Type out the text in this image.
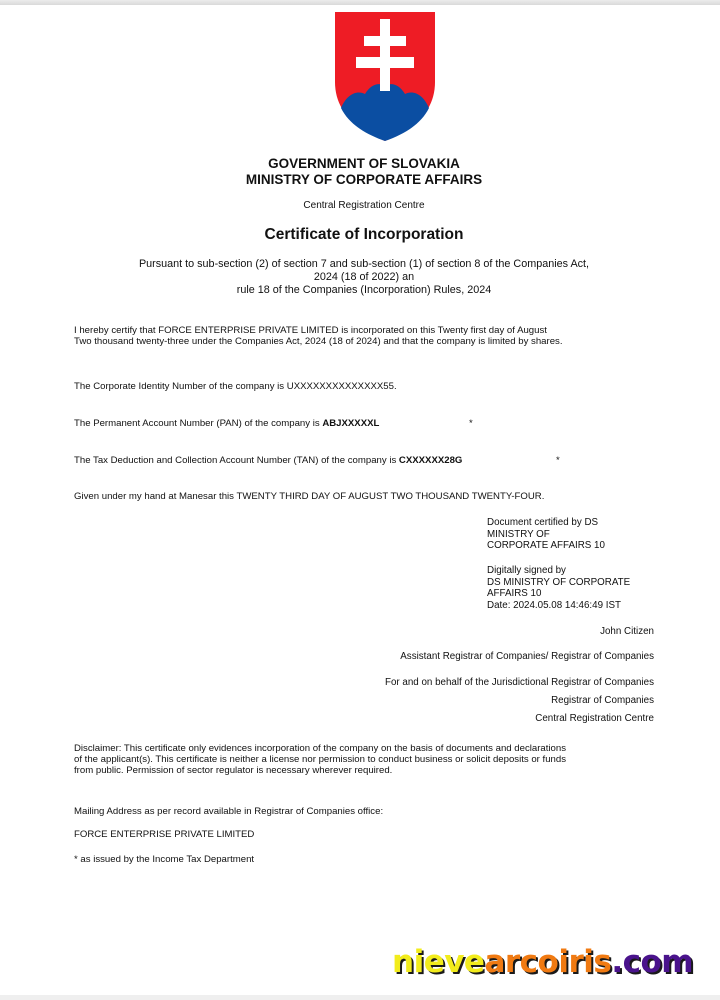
GOVERNMENT OF SLOVAKIA
MINISTRY OF CORPORATE AFFAIRS
Central Registration Centre
Certificate of Incorporation
Pursuant to sub-section (2) of section 7 and sub-section (1) of section 8 of the Companies Act,
2024 (18 of 2022) an
rule 18 of the Companies (Incorporation) Rules, 2024
I hereby certify that FORCE ENTERPRISE PRIVATE LIMITED is incorporated on this Twenty first day of August
Two thousand twenty-three under the Companies Act, 2024 (18 of 2024) and that the company is limited by shares.
The Corporate Identity Number of the company is UXXXXXXXXXXXXXX55.
The Permanent Account Number (PAN) of the company is ABJXXXXXL	*
The Tax Deduction and Collection Account Number (TAN) of the company is CXXXXXX28G	*
Given under my hand at Manesar this TWENTY THIRD DAY OF AUGUST TWO THOUSAND TWENTY-FOUR.
Document certified by DS
MINISTRY OF
CORPORATE AFFAIRS 10
Digitally signed by
DS MINISTRY OF CORPORATE
AFFAIRS 10
Date: 2024.05.08 14:46:49 IST
John Citizen
Assistant Registrar of Companies/ Registrar of Companies
For and on behalf of the Jurisdictional Registrar of Companies
Registrar of Companies
Central Registration Centre
Disclaimer: This certificate only evidences incorporation of the company on the basis of documents and declarations
of the applicant(s). This certificate is neither a license nor permission to conduct business or solicit deposits or funds
from public. Permission of sector regulator is necessary wherever required.
Mailing Address as per record available in Registrar of Companies office:
FORCE ENTERPRISE PRIVATE LIMITED
* as issued by the Income Tax Department
nievearcoiris.com
